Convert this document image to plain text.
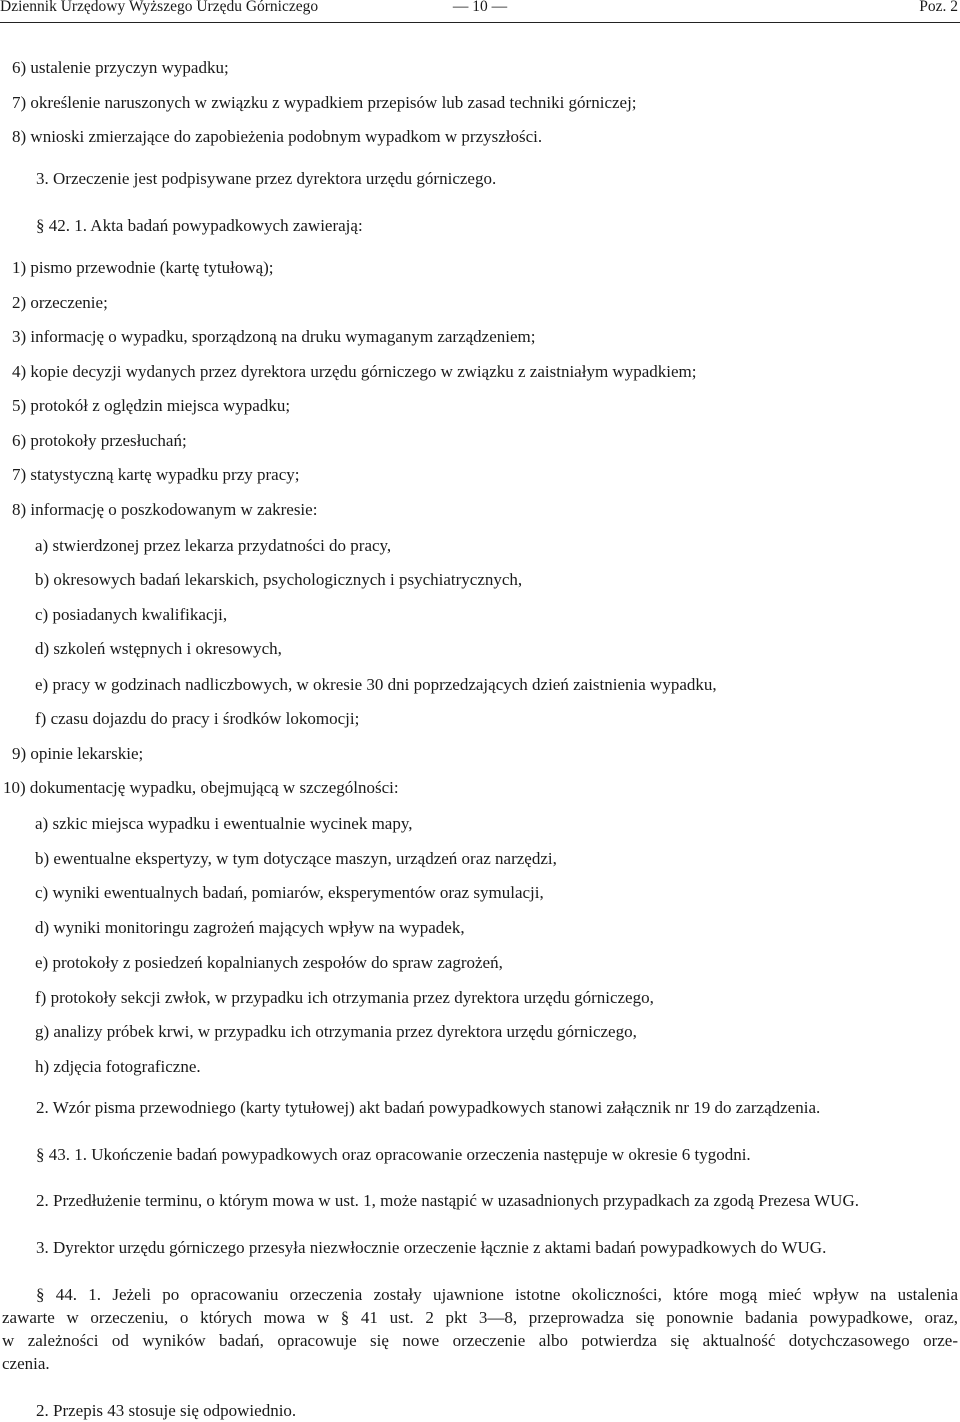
Dziennik Urzędowy Wyższego Urzędu Górniczego	— 10 —	Poz. 2
6) ustalenie przyczyn wypadku;
7) określenie naruszonych w związku z wypadkiem przepisów lub zasad techniki górniczej;
8) wnioski zmierzające do zapobieżenia podobnym wypadkom w przyszłości.
3. Orzeczenie jest podpisywane przez dyrektora urzędu górniczego.
§ 42. 1. Akta badań powypadkowych zawierają:
1) pismo przewodnie (kartę tytułową);
2) orzeczenie;
3) informację o wypadku, sporządzoną na druku wymaganym zarządzeniem;
4) kopie decyzji wydanych przez dyrektora urzędu górniczego w związku z zaistniałym wypadkiem;
5) protokół z oględzin miejsca wypadku;
6) protokoły przesłuchań;
7) statystyczną kartę wypadku przy pracy;
8) informację o poszkodowanym w zakresie:
a) stwierdzonej przez lekarza przydatności do pracy,
b) okresowych badań lekarskich, psychologicznych i psychiatrycznych,
c) posiadanych kwalifikacji,
d) szkoleń wstępnych i okresowych,
e) pracy w godzinach nadliczbowych, w okresie 30 dni poprzedzających dzień zaistnienia wypadku,
f) czasu dojazdu do pracy i środków lokomocji;
9) opinie lekarskie;
10) dokumentację wypadku, obejmującą w szczególności:
a) szkic miejsca wypadku i ewentualnie wycinek mapy,
b) ewentualne ekspertyzy, w tym dotyczące maszyn, urządzeń oraz narzędzi,
c) wyniki ewentualnych badań, pomiarów, eksperymentów oraz symulacji,
d) wyniki monitoringu zagrożeń mających wpływ na wypadek,
e) protokoły z posiedzeń kopalnianych zespołów do spraw zagrożeń,
f) protokoły sekcji zwłok, w przypadku ich otrzymania przez dyrektora urzędu górniczego,
g) analizy próbek krwi, w przypadku ich otrzymania przez dyrektora urzędu górniczego,
h) zdjęcia fotograficzne.
2. Wzór pisma przewodniego (karty tytułowej) akt badań powypadkowych stanowi załącznik nr 19 do zarządzenia.
§ 43. 1. Ukończenie badań powypadkowych oraz opracowanie orzeczenia następuje w okresie 6 tygodni.
2. Przedłużenie terminu, o którym mowa w ust. 1, może nastąpić w uzasadnionych przypadkach za zgodą Prezesa WUG.
3. Dyrektor urzędu górniczego przesyła niezwłocznie orzeczenie łącznie z aktami badań powypadkowych do WUG.
§ 44. 1. Jeżeli po opracowaniu orzeczenia zostały ujawnione istotne okoliczności, które mogą mieć wpływ na ustalenia
zawarte w orzeczeniu, o których mowa w § 41 ust. 2 pkt 3—8, przeprowadza się ponownie badania powypadkowe, oraz,
w zależności od wyników badań, opracowuje się nowe orzeczenie albo potwierdza się aktualność dotychczasowego orze-
czenia.
2. Przepis 43 stosuje się odpowiednio.
